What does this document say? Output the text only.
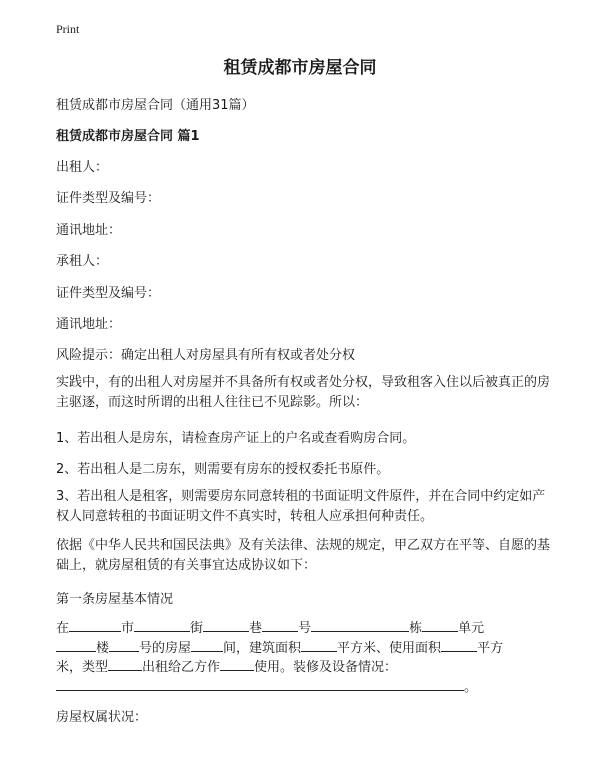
Print
租赁成都市房屋合同
租赁成都市房屋合同（通用31篇）
租赁成都市房屋合同 篇1
出租人：
证件类型及编号：
通讯地址：
承租人：
证件类型及编号：
通讯地址：
风险提示：确定出租人对房屋具有所有权或者处分权
实践中，有的出租人对房屋并不具备所有权或者处分权，导致租客入住以后被真正的房主驱逐，而这时所谓的出租人往往已不见踪影。所以：
1、若出租人是房东，请检查房产证上的户名或查看购房合同。
2、若出租人是二房东，则需要有房东的授权委托书原件。
3、若出租人是租客，则需要房东同意转租的书面证明文件原件，并在合同中约定如产权人同意转租的书面证明文件不真实时，转租人应承担何种责任。
依据《中华人民共和国民法典》及有关法律、法规的规定，甲乙双方在平等、自愿的基础上，就房屋租赁的有关事宜达成协议如下：
第一条房屋基本情况
在	市	街	巷	号	栋	单元
楼 号的房屋 间，建筑面积	平方米、使用面积	平方
米，类型	出租给乙方作	使用。装修及设备情况：
。
房屋权属状况：
